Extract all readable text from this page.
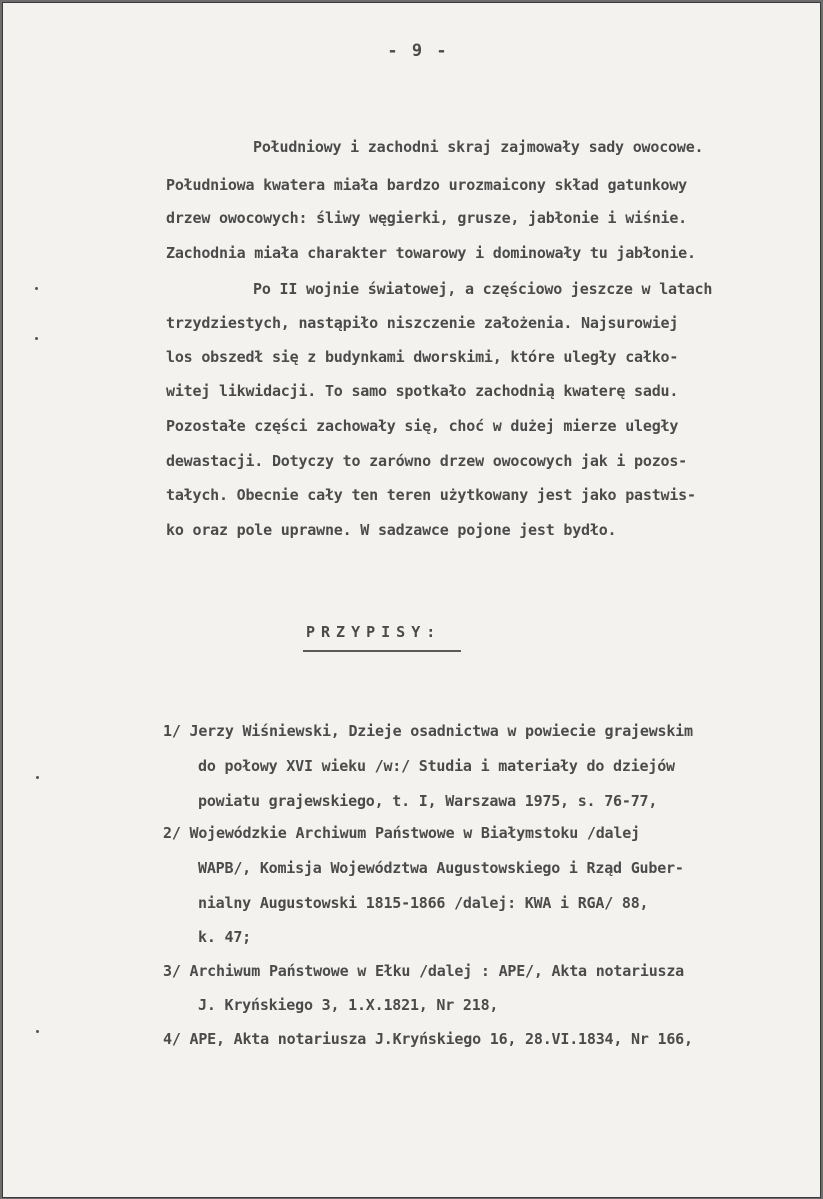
- 9 -
Południowy i zachodni skraj zajmowały sady owocowe.
Południowa kwatera miała bardzo urozmaicony skład gatunkowy
drzew owocowych: śliwy węgierki, grusze, jabłonie i wiśnie.
Zachodnia miała charakter towarowy i dominowały tu jabłonie.
Po II wojnie światowej, a częściowo jeszcze w latach
trzydziestych, nastąpiło niszczenie założenia. Najsurowiej
los obszedł się z budynkami dworskimi, które uległy całko-
witej likwidacji. To samo spotkało zachodnią kwaterę sadu.
Pozostałe części zachowały się, choć w dużej mierze uległy
dewastacji. Dotyczy to zarówno drzew owocowych jak i pozos-
tałych. Obecnie cały ten teren użytkowany jest jako pastwis-
ko oraz pole uprawne. W sadzawce pojone jest bydło.
PRZYPISY:
1/ Jerzy Wiśniewski, Dzieje osadnictwa w powiecie grajewskim
do połowy XVI wieku /w:/ Studia i materiały do dziejów
powiatu grajewskiego, t. I, Warszawa 1975, s. 76-77,
2/ Wojewódzkie Archiwum Państwowe w Białymstoku /dalej
WAPB/, Komisja Województwa Augustowskiego i Rząd Guber-
nialny Augustowski 1815-1866 /dalej: KWA i RGA/ 88,
k. 47;
3/ Archiwum Państwowe w Ełku /dalej : APE/, Akta notariusza
J. Kryńskiego 3, 1.X.1821, Nr 218,
4/ APE, Akta notariusza J.Kryńskiego 16, 28.VI.1834, Nr 166,
